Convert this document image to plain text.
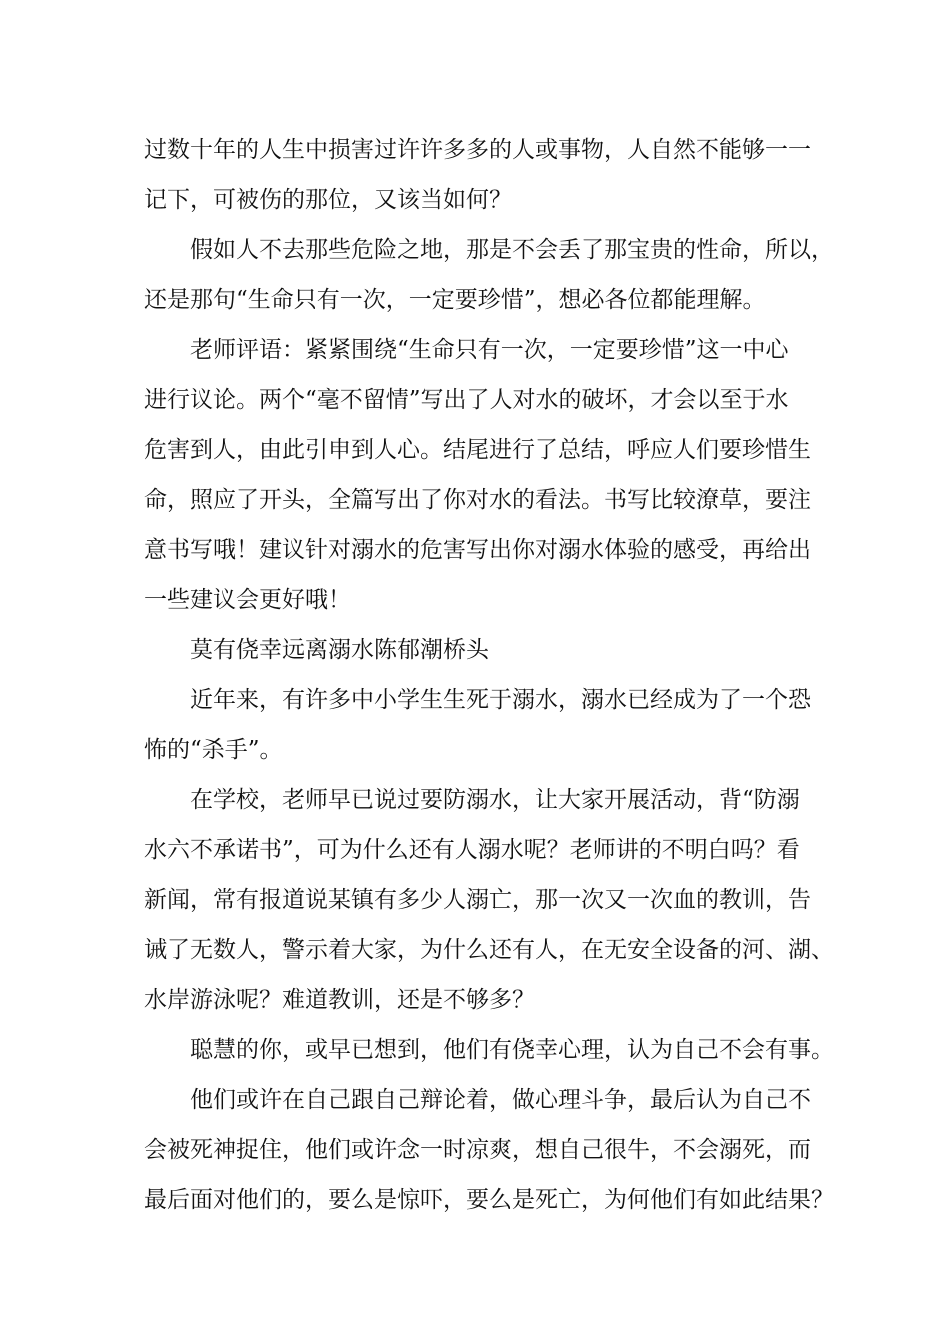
过数十年的人生中损害过许许多多的人或事物，人自然不能够一一
记下，可被伤的那位，又该当如何？
假如人不去那些危险之地，那是不会丢了那宝贵的性命，所以，
还是那句“生命只有一次，一定要珍惜”，想必各位都能理解。
老师评语：紧紧围绕“生命只有一次，一定要珍惜”这一中心
进行议论。两个“毫不留情”写出了人对水的破坏，才会以至于水
危害到人，由此引申到人心。结尾进行了总结，呼应人们要珍惜生
命，照应了开头，全篇写出了你对水的看法。书写比较潦草，要注
意书写哦！建议针对溺水的危害写出你对溺水体验的感受，再给出
一些建议会更好哦！
莫有侥幸远离溺水陈郁潮桥头
近年来，有许多中小学生生死于溺水，溺水已经成为了一个恐
怖的“杀手”。
在学校，老师早已说过要防溺水，让大家开展活动，背“防溺
水六不承诺书”，可为什么还有人溺水呢？老师讲的不明白吗？看
新闻，常有报道说某镇有多少人溺亡，那一次又一次血的教训，告
诫了无数人，警示着大家，为什么还有人，在无安全设备的河、湖、
水岸游泳呢？难道教训，还是不够多？
聪慧的你，或早已想到，他们有侥幸心理，认为自己不会有事。
他们或许在自己跟自己辩论着，做心理斗争，最后认为自己不
会被死神捉住，他们或许念一时凉爽，想自己很牛，不会溺死，而
最后面对他们的，要么是惊吓，要么是死亡，为何他们有如此结果？
